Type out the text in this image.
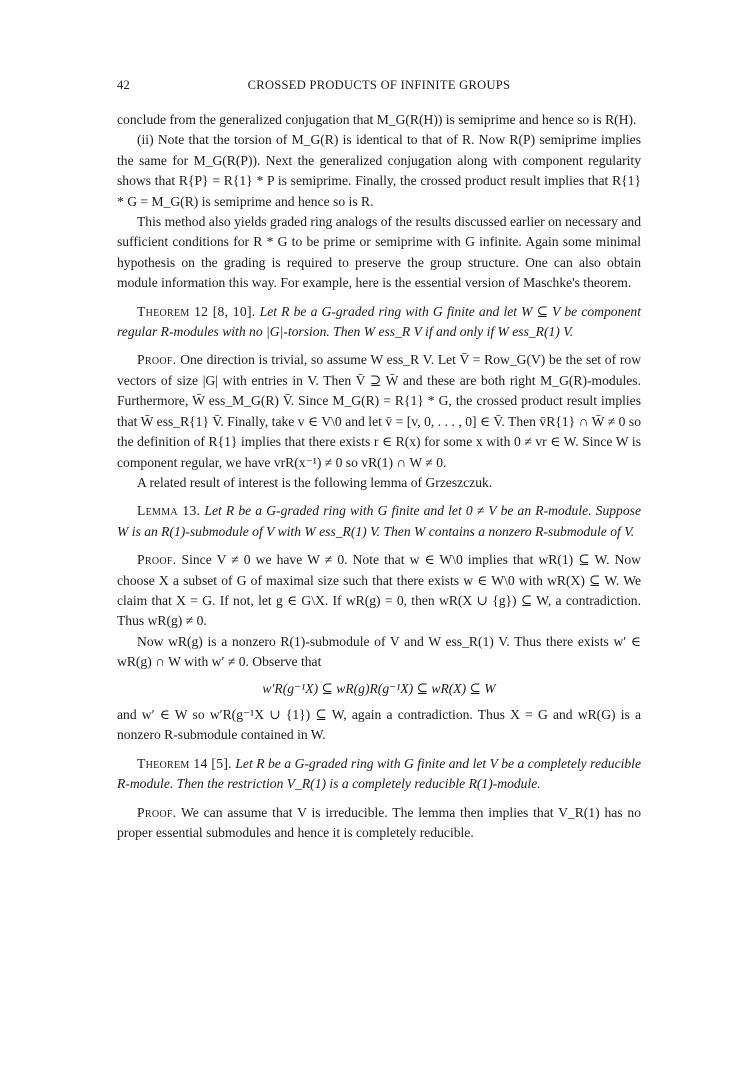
42	CROSSED PRODUCTS OF INFINITE GROUPS

conclude from the generalized conjugation that M_G(R(H)) is semiprime and hence so is R(H).

(ii) Note that the torsion of M_G(R) is identical to that of R. Now R(P) semiprime implies the same for M_G(R(P)). Next the generalized conjugation along with component regularity shows that R{P} = R{1} * P is semiprime. Finally, the crossed product result implies that R{1} * G = M_G(R) is semiprime and hence so is R.

This method also yields graded ring analogs of the results discussed earlier on necessary and sufficient conditions for R * G to be prime or semiprime with G infinite. Again some minimal hypothesis on the grading is required to preserve the group structure. One can also obtain module information this way. For example, here is the essential version of Maschke's theorem.

Theorem 12 [8, 10]. Let R be a G-graded ring with G finite and let W ⊆ V be component regular R-modules with no |G|-torsion. Then W ess_R V if and only if W ess_R(1) V.

Proof. One direction is trivial, so assume W ess_R V. Let V̄ = Row_G(V) be the set of row vectors of size |G| with entries in V. Then V̄ ⊇ W̄ and these are both right M_G(R)-modules. Furthermore, W̄ ess_M_G(R) V̄. Since M_G(R) = R{1} * G, the crossed product result implies that W̄ ess_R{1} V̄. Finally, take v ∈ V\0 and let v̄ = [v, 0, . . . , 0] ∈ V̄. Then v̄R{1} ∩ W̄ ≠ 0 so the definition of R{1} implies that there exists r ∈ R(x) for some x with 0 ≠ vr ∈ W. Since W is component regular, we have vrR(x⁻¹) ≠ 0 so vR(1) ∩ W ≠ 0.

A related result of interest is the following lemma of Grzeszczuk.

Lemma 13. Let R be a G-graded ring with G finite and let 0 ≠ V be an R-module. Suppose W is an R(1)-submodule of V with W ess_R(1) V. Then W contains a nonzero R-submodule of V.

Proof. Since V ≠ 0 we have W ≠ 0. Note that w ∈ W\0 implies that wR(1) ⊆ W. Now choose X a subset of G of maximal size such that there exists w ∈ W\0 with wR(X) ⊆ W. We claim that X = G. If not, let g ∈ G\X. If wR(g) = 0, then wR(X ∪ {g}) ⊆ W, a contradiction. Thus wR(g) ≠ 0.

Now wR(g) is a nonzero R(1)-submodule of V and W ess_R(1) V. Thus there exists w′ ∈ wR(g) ∩ W with w′ ≠ 0. Observe that

w′R(g⁻¹X) ⊆ wR(g)R(g⁻¹X) ⊆ wR(X) ⊆ W

and w′ ∈ W so w′R(g⁻¹X ∪ {1}) ⊆ W, again a contradiction. Thus X = G and wR(G) is a nonzero R-submodule contained in W.

Theorem 14 [5]. Let R be a G-graded ring with G finite and let V be a completely reducible R-module. Then the restriction V_R(1) is a completely reducible R(1)-module.

Proof. We can assume that V is irreducible. The lemma then implies that V_R(1) has no proper essential submodules and hence it is completely reducible.
